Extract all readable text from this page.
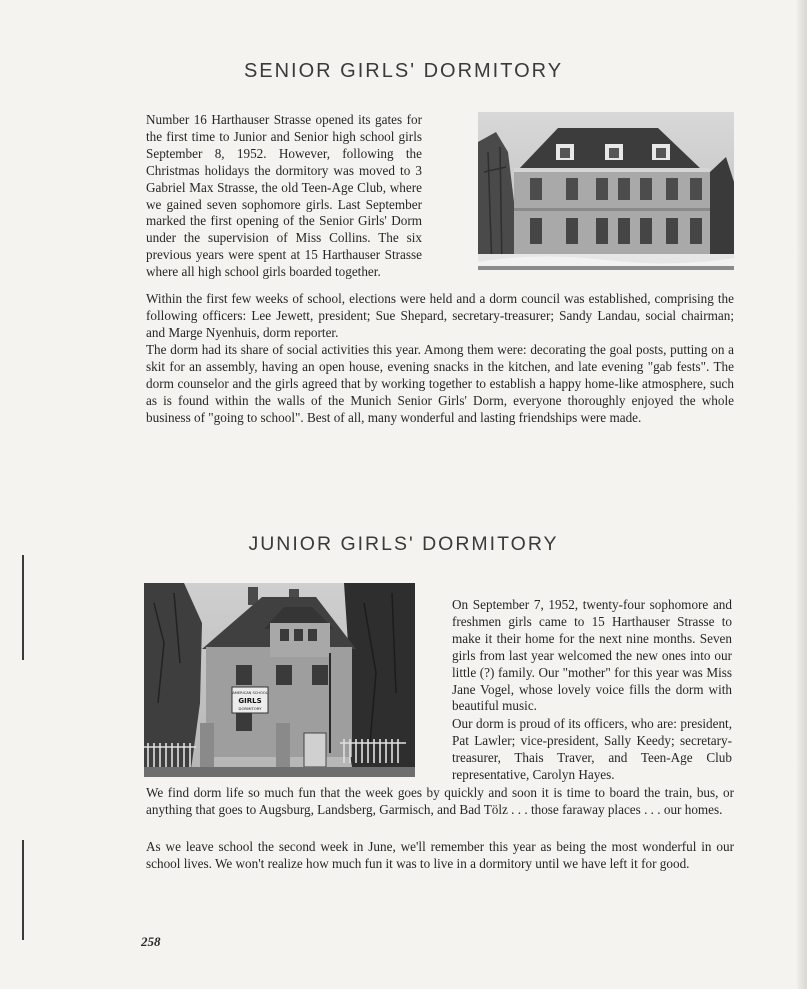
SENIOR GIRLS' DORMITORY

Number 16 Harthauser Strasse opened its gates for the first time to Junior and Senior high school girls September 8, 1952. However, following the Christmas holidays the dormitory was moved to 3 Gabriel Max Strasse, the old Teen-Age Club, where we gained seven sophomore girls. Last September marked the first opening of the Senior Girls' Dorm under the supervision of Miss Collins. The six previous years were spent at 15 Harthauser Strasse where all high school girls boarded together.

Within the first few weeks of school, elections were held and a dorm council was established, comprising the following officers: Lee Jewett, president; Sue Shepard, secretary-treasurer; Sandy Landau, social chairman; and Marge Nyenhuis, dorm reporter.

The dorm had its share of social activities this year. Among them were: decorating the goal posts, putting on a skit for an assembly, having an open house, evening snacks in the kitchen, and late evening "gab fests". The dorm counselor and the girls agreed that by working together to establish a happy home-like atmosphere, such as is found within the walls of the Munich Senior Girls' Dorm, everyone thoroughly enjoyed the whole business of "going to school". Best of all, many wonderful and lasting friendships were made.

JUNIOR GIRLS' DORMITORY
AMERICAN SCHOOL
GIRLS
DORMITORY

On September 7, 1952, twenty-four sophomore and freshmen girls came to 15 Harthauser Strasse to make it their home for the next nine months. Seven girls from last year welcomed the new ones into our little (?) family. Our "mother" for this year was Miss Jane Vogel, whose lovely voice fills the dorm with beautiful music.

Our dorm is proud of its officers, who are: president, Pat Lawler; vice-president, Sally Keedy; secretary-treasurer, Thais Traver, and Teen-Age Club representative, Carolyn Hayes.

We find dorm life so much fun that the week goes by quickly and soon it is time to board the train, bus, or anything that goes to Augsburg, Landsberg, Garmisch, and Bad Tölz . . . those faraway places . . . our homes.

As we leave school the second week in June, we'll remember this year as being the most wonderful in our school lives. We won't realize how much fun it was to live in a dormitory until we have left it for good.

258
